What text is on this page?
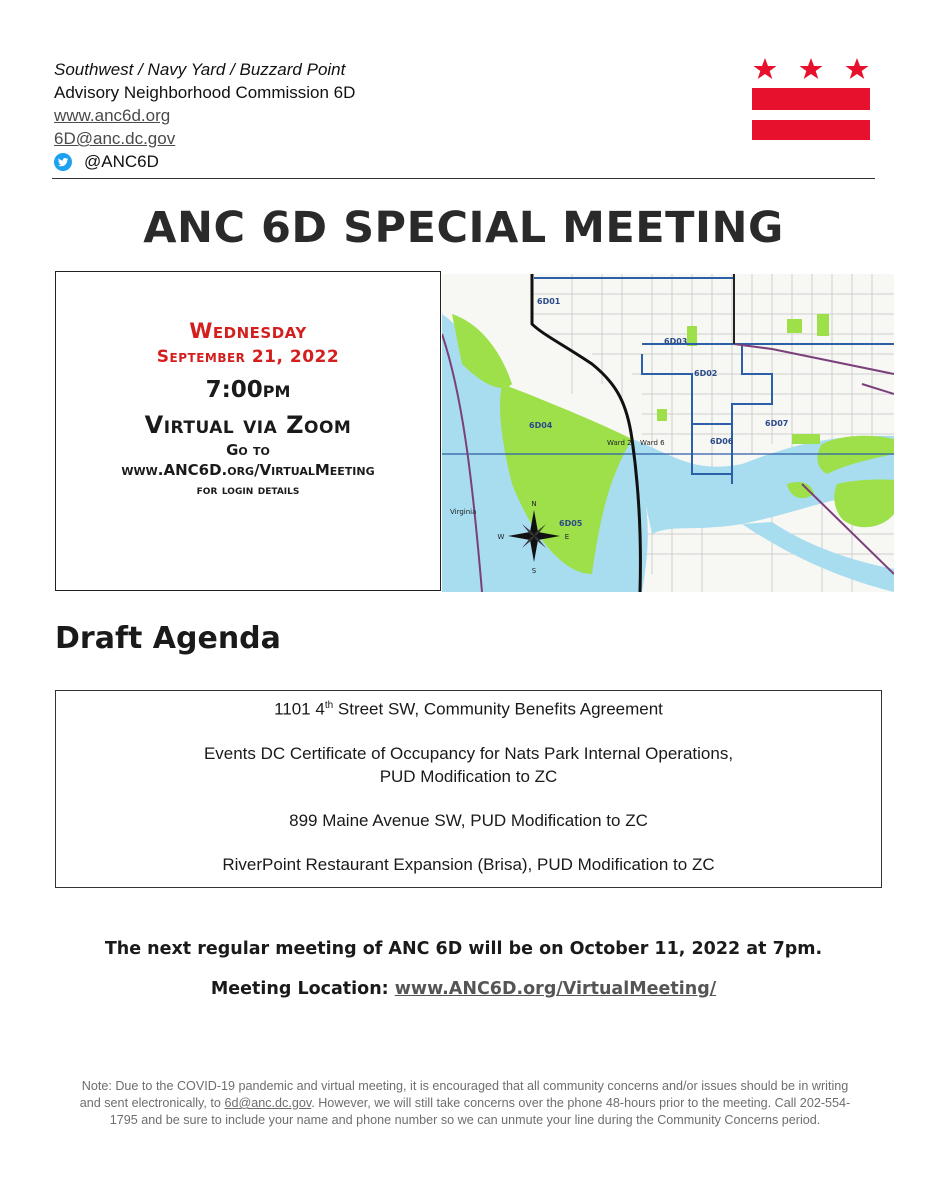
Southwest / Navy Yard / Buzzard Point
Advisory Neighborhood Commission 6D
www.anc6d.org
6D@anc.dc.gov
@ANC6D
ANC 6D SPECIAL MEETING
Wednesday
September 21, 2022
7:00pm
Virtual via Zoom
Go to
www.ANC6D.org/VirtualMeeting
for login details
N
S
E
W
6D01
6D02
6D03
6D04
6D05
6D06
6D07
Ward 2 Ward 6
Virginia
Draft Agenda

1101 4th Street SW, Community Benefits Agreement

Events DC Certificate of Occupancy for Nats Park Internal Operations,
PUD Modification to ZC

899 Maine Avenue SW, PUD Modification to ZC

RiverPoint Restaurant Expansion (Brisa), PUD Modification to ZC

The next regular meeting of ANC 6D will be on October 11, 2022 at 7pm.
Meeting Location: www.ANC6D.org/VirtualMeeting/
Note: Due to the COVID-19 pandemic and virtual meeting, it is encouraged that all community concerns and/or issues should be in writing and sent electronically, to 6d@anc.dc.gov. However, we will still take concerns over the phone 48-hours prior to the meeting. Call 202-554-1795 and be sure to include your name and phone number so we can unmute your line during the Community Concerns period.
